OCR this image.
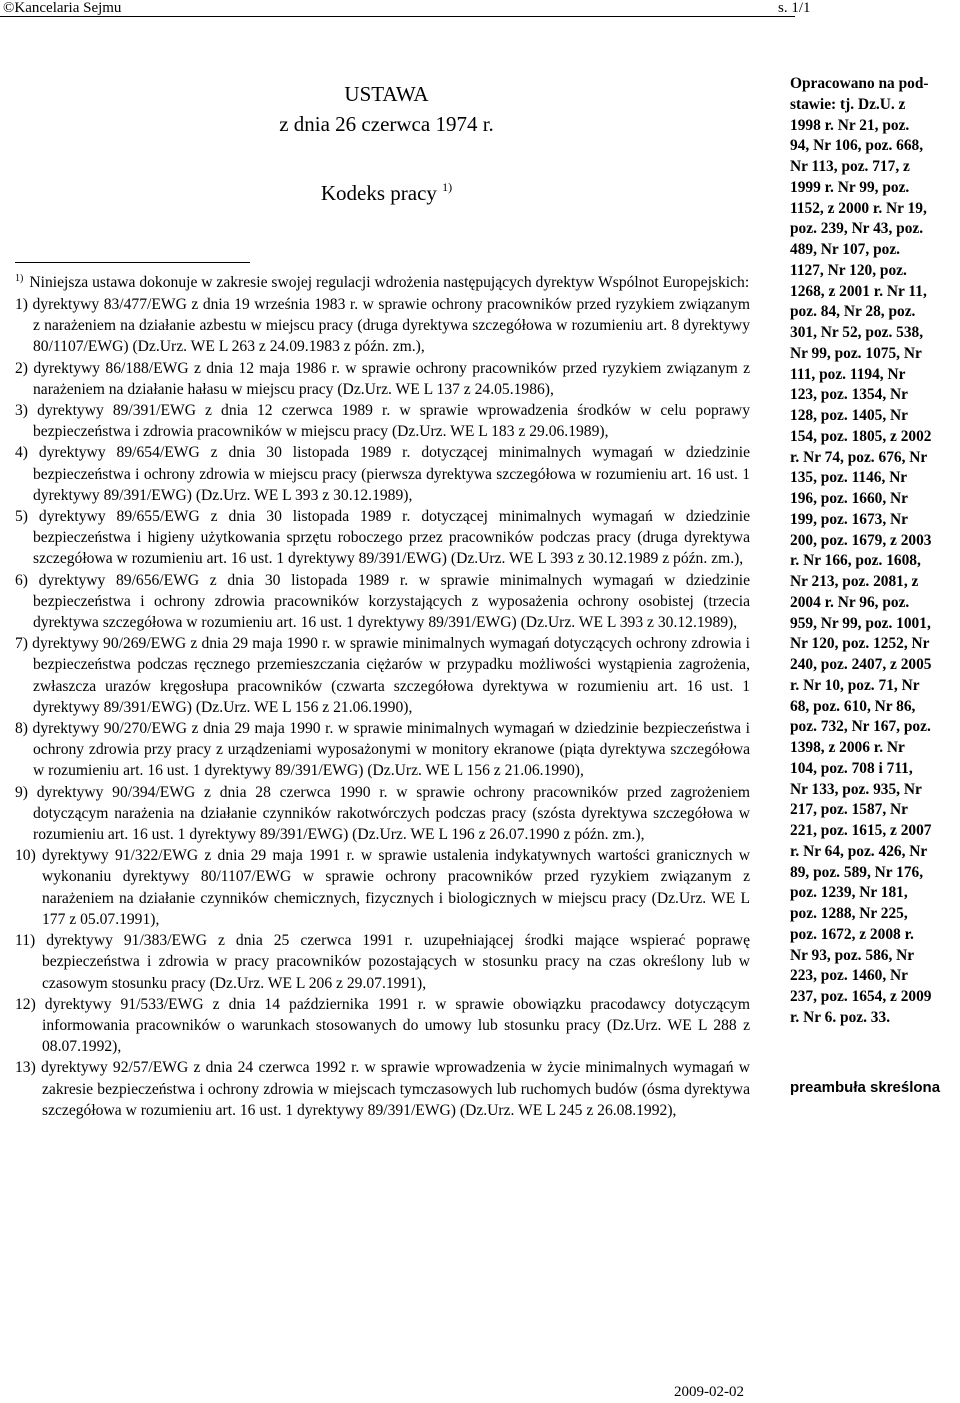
©Kancelaria Sejmu	s. 1/1
USTAWA
z dnia 26 czerwca 1974 r.
Kodeks pracy $^{1)}$
$^{1)}$ Niniejsza ustawa dokonuje w zakresie swojej regulacji wdrożenia następujących dyrektyw Wspólnot Europejskich:

1) dyrektywy 83/477/EWG z dnia 19 września 1983 r. w sprawie ochrony pracowników przed ryzykiem związanym z narażeniem na działanie azbestu w miejscu pracy (druga dyrektywa szczegółowa w rozumieniu art. 8 dyrektywy 80/1107/EWG) (Dz.Urz. WE L 263 z 24.09.1983 z późn. zm.),

2) dyrektywy 86/188/EWG z dnia 12 maja 1986 r. w sprawie ochrony pracowników przed ryzykiem związanym z narażeniem na działanie hałasu w miejscu pracy (Dz.Urz. WE L 137 z 24.05.1986),

3) dyrektywy 89/391/EWG z dnia 12 czerwca 1989 r. w sprawie wprowadzenia środków w celu poprawy bezpieczeństwa i zdrowia pracowników w miejscu pracy (Dz.Urz. WE L 183 z 29.06.1989),

4) dyrektywy 89/654/EWG z dnia 30 listopada 1989 r. dotyczącej minimalnych wymagań w dziedzinie bezpieczeństwa i ochrony zdrowia w miejscu pracy (pierwsza dyrektywa szczegółowa w rozumieniu art. 16 ust. 1 dyrektywy 89/391/EWG) (Dz.Urz. WE L 393 z 30.12.1989),

5) dyrektywy 89/655/EWG z dnia 30 listopada 1989 r. dotyczącej minimalnych wymagań w dziedzinie bezpieczeństwa i higieny użytkowania sprzętu roboczego przez pracowników podczas pracy (druga dyrektywa szczegółowa w rozumieniu art. 16 ust. 1 dyrektywy 89/391/EWG) (Dz.Urz. WE L 393 z 30.12.1989 z późn. zm.),

6) dyrektywy 89/656/EWG z dnia 30 listopada 1989 r. w sprawie minimalnych wymagań w dziedzinie bezpieczeństwa i ochrony zdrowia pracowników korzystających z wyposażenia ochrony osobistej (trzecia dyrektywa szczegółowa w rozumieniu art. 16 ust. 1 dyrektywy 89/391/EWG) (Dz.Urz. WE L 393 z 30.12.1989),

7) dyrektywy 90/269/EWG z dnia 29 maja 1990 r. w sprawie minimalnych wymagań dotyczących ochrony zdrowia i bezpieczeństwa podczas ręcznego przemieszczania ciężarów w przypadku możliwości wystąpienia zagrożenia, zwłaszcza urazów kręgosłupa pracowników (czwarta szczegółowa dyrektywa w rozumieniu art. 16 ust. 1 dyrektywy 89/391/EWG) (Dz.Urz. WE L 156 z 21.06.1990),

8) dyrektywy 90/270/EWG z dnia 29 maja 1990 r. w sprawie minimalnych wymagań w dziedzinie bezpieczeństwa i ochrony zdrowia przy pracy z urządzeniami wyposażonymi w monitory ekranowe (piąta dyrektywa szczegółowa w rozumieniu art. 16 ust. 1 dyrektywy 89/391/EWG) (Dz.Urz. WE L 156 z 21.06.1990),

9) dyrektywy 90/394/EWG z dnia 28 czerwca 1990 r. w sprawie ochrony pracowników przed zagrożeniem dotyczącym narażenia na działanie czynników rakotwórczych podczas pracy (szósta dyrektywa szczegółowa w rozumieniu art. 16 ust. 1 dyrektywy 89/391/EWG) (Dz.Urz. WE L 196 z 26.07.1990 z późn. zm.),

10) dyrektywy 91/322/EWG z dnia 29 maja 1991 r. w sprawie ustalenia indykatywnych wartości granicznych w wykonaniu dyrektywy 80/1107/EWG w sprawie ochrony pracowników przed ryzykiem związanym z narażeniem na działanie czynników chemicznych, fizycznych i biologicznych w miejscu pracy (Dz.Urz. WE L 177 z 05.07.1991),

11) dyrektywy 91/383/EWG z dnia 25 czerwca 1991 r. uzupełniającej środki mające wspierać poprawę bezpieczeństwa i zdrowia w pracy pracowników pozostających w stosunku pracy na czas określony lub w czasowym stosunku pracy (Dz.Urz. WE L 206 z 29.07.1991),

12) dyrektywy 91/533/EWG z dnia 14 października 1991 r. w sprawie obowiązku pracodawcy dotyczącym informowania pracowników o warunkach stosowanych do umowy lub stosunku pracy (Dz.Urz. WE L 288 z 08.07.1992),

13) dyrektywy 92/57/EWG z dnia 24 czerwca 1992 r. w sprawie wprowadzenia w życie minimalnych wymagań w zakresie bezpieczeństwa i ochrony zdrowia w miejscach tymczasowych lub ruchomych budów (ósma dyrektywa szczegółowa w rozumieniu art. 16 ust. 1 dyrektywy 89/391/EWG) (Dz.Urz. WE L 245 z 26.08.1992),

Opracowano na pod-

stawie: tj. Dz.U. z

1998 r. Nr 21, poz.

94, Nr 106, poz. 668,

Nr 113, poz. 717, z

1999 r. Nr 99, poz.

1152, z 2000 r. Nr 19,

poz. 239, Nr 43, poz.

489, Nr 107, poz.

1127, Nr 120, poz.

1268, z 2001 r. Nr 11,

poz. 84, Nr 28, poz.

301, Nr 52, poz. 538,

Nr 99, poz. 1075, Nr

111, poz. 1194, Nr

123, poz. 1354, Nr

128, poz. 1405, Nr

154, poz. 1805, z 2002

r. Nr 74, poz. 676, Nr

135, poz. 1146, Nr

196, poz. 1660, Nr

199, poz. 1673, Nr

200, poz. 1679, z 2003

r. Nr 166, poz. 1608,

Nr 213, poz. 2081, z

2004 r. Nr 96, poz.

959, Nr 99, poz. 1001,

Nr 120, poz. 1252, Nr

240, poz. 2407, z 2005

r. Nr 10, poz. 71, Nr

68, poz. 610, Nr 86,

poz. 732, Nr 167, poz.

1398, z 2006 r. Nr

104, poz. 708 i 711,

Nr 133, poz. 935, Nr

217, poz. 1587, Nr

221, poz. 1615, z 2007

r. Nr 64, poz. 426, Nr

89, poz. 589, Nr 176,

poz. 1239, Nr 181,

poz. 1288, Nr 225,

poz. 1672, z 2008 r.

Nr 93, poz. 586, Nr

223, poz. 1460, Nr

237, poz. 1654, z 2009

r. Nr 6. poz. 33.

preambuła skreślona
2009-02-02
